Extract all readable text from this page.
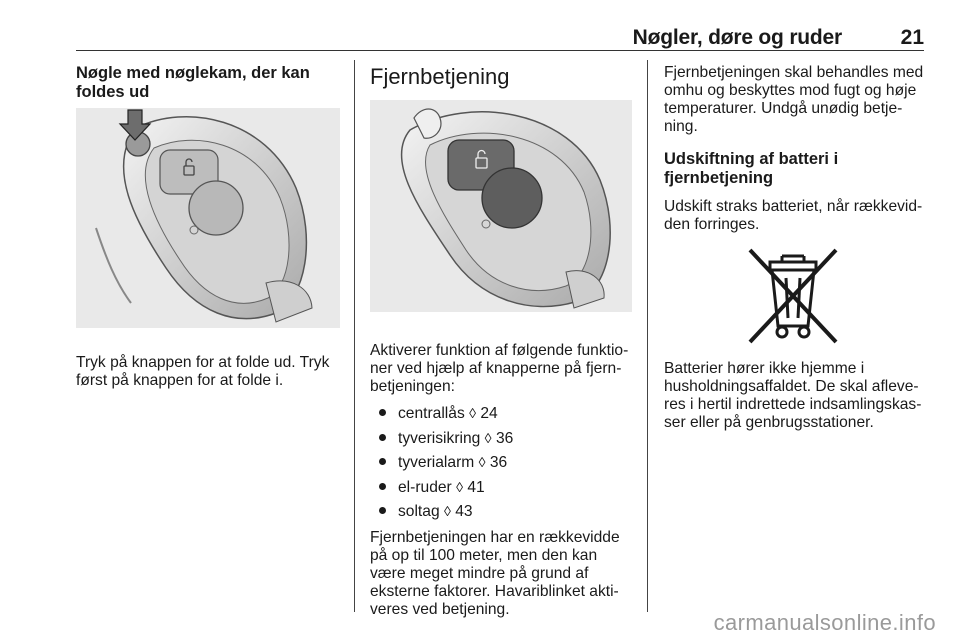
Nøgler, døre og ruder	21
Nøgle med nøglekam, der kan
foldes ud

Tryk på knappen for at folde ud. Tryk
først på knappen for at folde i.

Fjernbetjening

Aktiverer funktion af følgende funktio-
ner ved hjælp af knapperne på fjern-
betjeningen:

centrallås ◊ 24
tyverisikring ◊ 36
tyverialarm ◊ 36
el-ruder ◊ 41
soltag ◊ 43

Fjernbetjeningen har en rækkevidde
på op til 100 meter, men den kan
være meget mindre på grund af
eksterne faktorer. Havariblinket akti-
veres ved betjening.

Fjernbetjeningen skal behandles med
omhu og beskyttes mod fugt og høje
temperaturer. Undgå unødig betje-
ning.

Udskiftning af batteri i
fjernbetjening

Udskift straks batteriet, når rækkevid-
den forringes.

Batterier hører ikke hjemme i
husholdningsaffaldet. De skal afleve-
res i hertil indrettede indsamlingskas-
ser eller på genbrugsstationer.

carmanualsonline.info
